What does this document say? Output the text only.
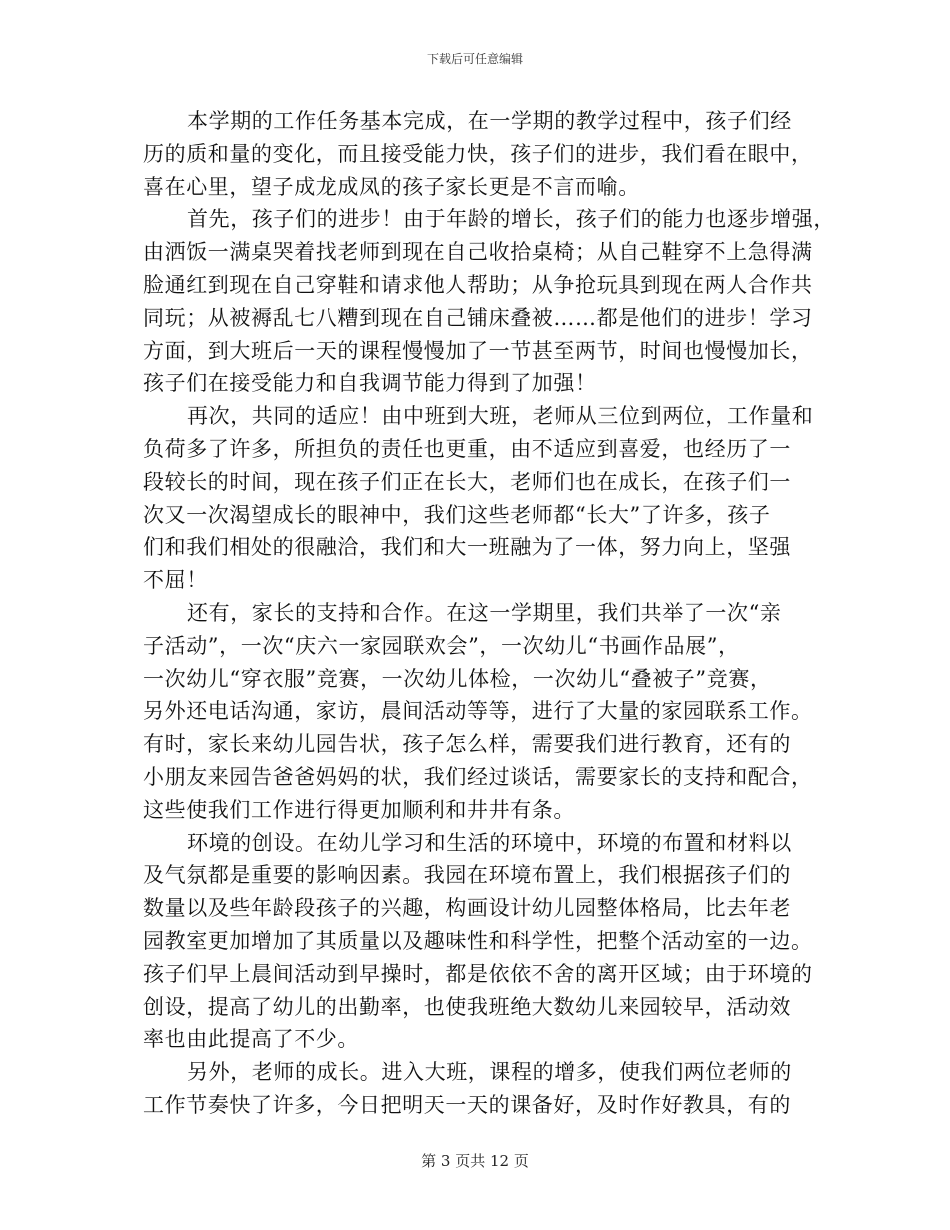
下载后可任意编辑

本学期的工作任务基本完成，在一学期的教学过程中，孩子们经
历的质和量的变化，而且接受能力快，孩子们的进步，我们看在眼中，
喜在心里，望子成龙成凤的孩子家长更是不言而喻。

首先，孩子们的进步！由于年龄的增长，孩子们的能力也逐步增强，
由洒饭一满桌哭着找老师到现在自己收拾桌椅；从自己鞋穿不上急得满
脸通红到现在自己穿鞋和请求他人帮助；从争抢玩具到现在两人合作共
同玩；从被褥乱七八糟到现在自己铺床叠被……都是他们的进步！学习
方面，到大班后一天的课程慢慢加了一节甚至两节，时间也慢慢加长，
孩子们在接受能力和自我调节能力得到了加强！

再次，共同的适应！由中班到大班，老师从三位到两位，工作量和
负荷多了许多，所担负的责任也更重，由不适应到喜爱，也经历了一
段较长的时间，现在孩子们正在长大，老师们也在成长，在孩子们一
次又一次渴望成长的眼神中，我们这些老师都“长大”了许多，孩子
们和我们相处的很融洽，我们和大一班融为了一体，努力向上，坚强
不屈！

还有，家长的支持和合作。在这一学期里，我们共举了一次“亲
子活动”，一次“庆六一家园联欢会”，一次幼儿“书画作品展”，
一次幼儿“穿衣服”竞赛，一次幼儿体检，一次幼儿“叠被子”竞赛，
另外还电话沟通，家访，晨间活动等等，进行了大量的家园联系工作。
有时，家长来幼儿园告状，孩子怎么样，需要我们进行教育，还有的
小朋友来园告爸爸妈妈的状，我们经过谈话，需要家长的支持和配合，
这些使我们工作进行得更加顺利和井井有条。

环境的创设。在幼儿学习和生活的环境中，环境的布置和材料以
及气氛都是重要的影响因素。我园在环境布置上，我们根据孩子们的
数量以及些年龄段孩子的兴趣，构画设计幼儿园整体格局，比去年老
园教室更加增加了其质量以及趣味性和科学性，把整个活动室的一边。
孩子们早上晨间活动到早操时，都是依依不舍的离开区域；由于环境的
创设，提高了幼儿的出勤率，也使我班绝大数幼儿来园较早，活动效
率也由此提高了不少。

另外，老师的成长。进入大班，课程的增多，使我们两位老师的
工作节奏快了许多，今日把明天一天的课备好，及时作好教具，有的

第 3 页共 12 页
